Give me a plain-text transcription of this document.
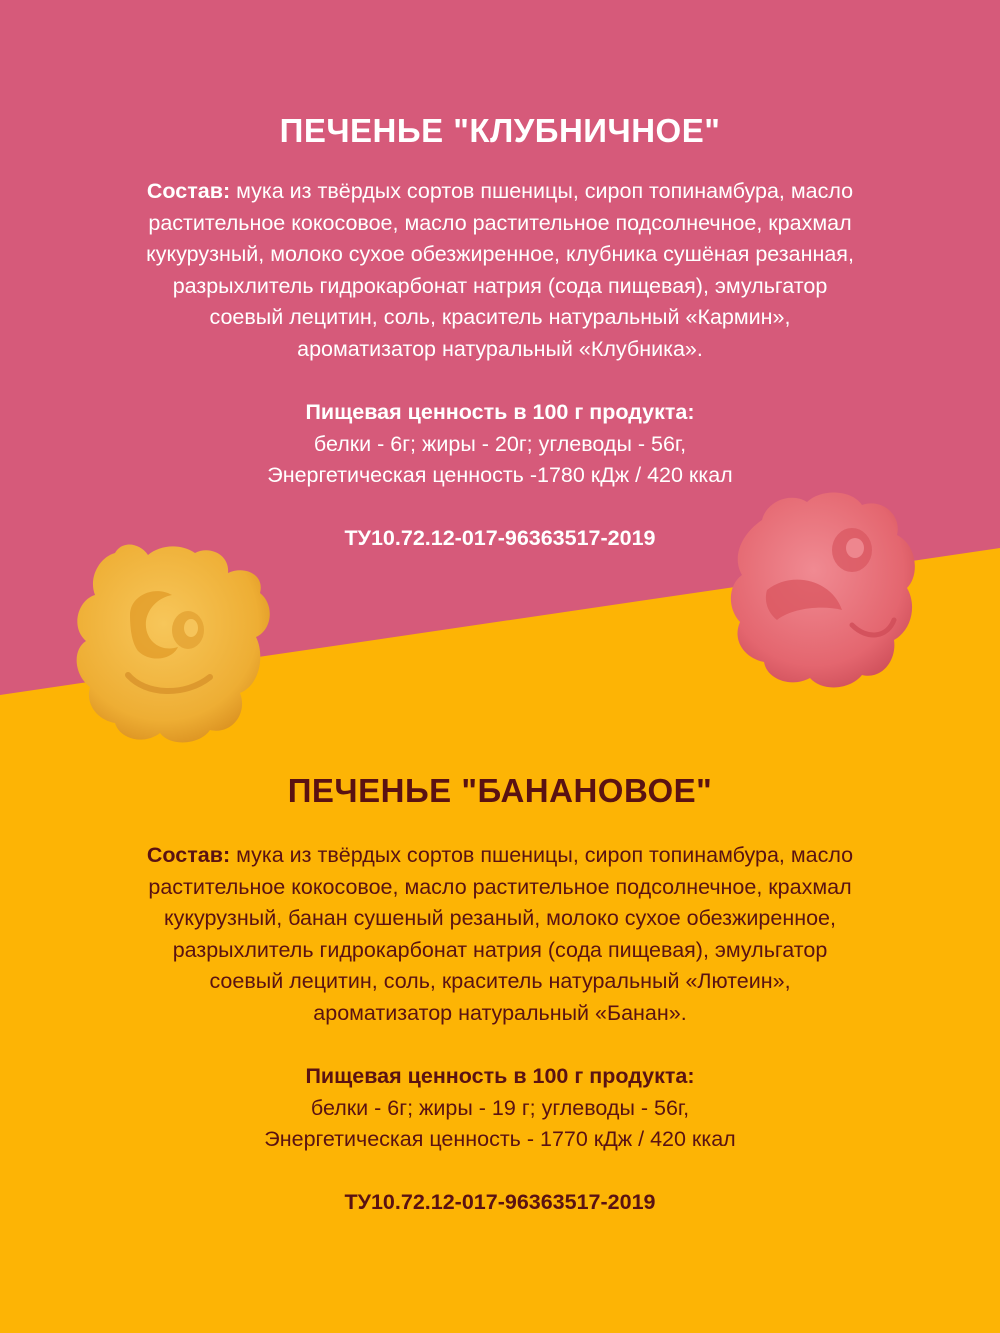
ПЕЧЕНЬЕ "КЛУБНИЧНОЕ"

Состав: мука из твёрдых сортов пшеницы, сироп топинамбура, масло
растительное кокосовое, масло растительное подсолнечное, крахмал
кукурузный, молоко сухое обезжиренное, клубника сушёная резанная,
разрыхлитель гидрокарбонат натрия (сода пищевая), эмульгатор
соевый лецитин, соль, краситель натуральный «Кармин»,
ароматизатор натуральный «Клубника».

Пищевая ценность в 100 г продукта:
белки - 6г; жиры - 20г; углеводы - 56г,
Энергетическая ценность -1780 кДж / 420 ккал

ТУ10.72.12-017-96363517-2019

ПЕЧЕНЬЕ "БАНАНОВОЕ"

Состав: мука из твёрдых сортов пшеницы, сироп топинамбура, масло
растительное кокосовое, масло растительное подсолнечное, крахмал
кукурузный, банан сушеный резаный, молоко сухое обезжиренное,
разрыхлитель гидрокарбонат натрия (сода пищевая), эмульгатор
соевый лецитин, соль, краситель натуральный «Лютеин»,
ароматизатор натуральный «Банан».

Пищевая ценность в 100 г продукта:
белки - 6г; жиры - 19 г; углеводы - 56г,
Энергетическая ценность - 1770 кДж / 420 ккал

ТУ10.72.12-017-96363517-2019
